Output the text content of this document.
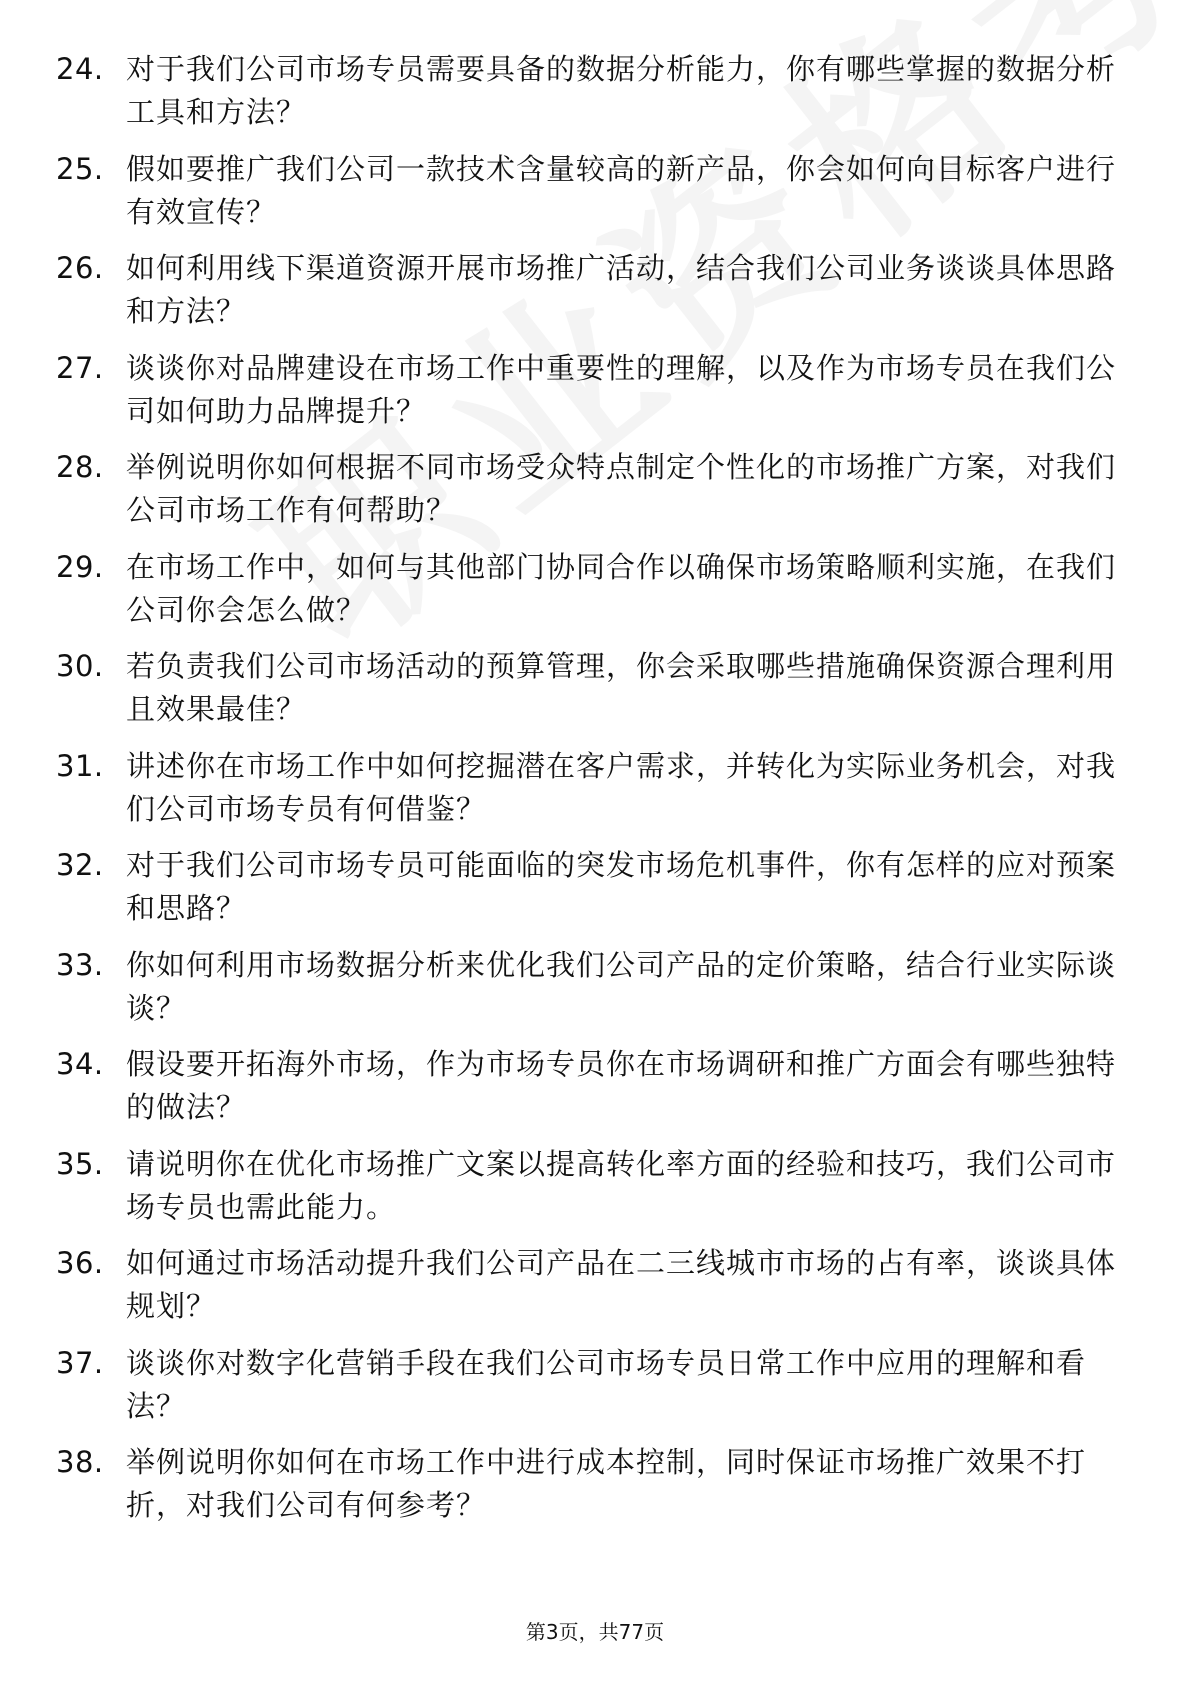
24. 对于我们公司市场专员需要具备的数据分析能力，你有哪些掌握的数据分析工具和方法？
25. 假如要推广我们公司一款技术含量较高的新产品，你会如何向目标客户进行有效宣传？
26. 如何利用线下渠道资源开展市场推广活动，结合我们公司业务谈谈具体思路和方法？
27. 谈谈你对品牌建设在市场工作中重要性的理解，以及作为市场专员在我们公司如何助力品牌提升？
28. 举例说明你如何根据不同市场受众特点制定个性化的市场推广方案，对我们公司市场工作有何帮助？
29. 在市场工作中，如何与其他部门协同合作以确保市场策略顺利实施，在我们公司你会怎么做？
30. 若负责我们公司市场活动的预算管理，你会采取哪些措施确保资源合理利用且效果最佳？
31. 讲述你在市场工作中如何挖掘潜在客户需求，并转化为实际业务机会，对我们公司市场专员有何借鉴？
32. 对于我们公司市场专员可能面临的突发市场危机事件，你有怎样的应对预案和思路？
33. 你如何利用市场数据分析来优化我们公司产品的定价策略，结合行业实际谈谈？
34. 假设要开拓海外市场，作为市场专员你在市场调研和推广方面会有哪些独特的做法？
35. 请说明你在优化市场推广文案以提高转化率方面的经验和技巧，我们公司市场专员也需此能力。
36. 如何通过市场活动提升我们公司产品在二三线城市市场的占有率，谈谈具体规划？
37. 谈谈你对数字化营销手段在我们公司市场专员日常工作中应用的理解和看法？
38. 举例说明你如何在市场工作中进行成本控制，同时保证市场推广效果不打折，对我们公司有何参考？
第3页，共77页
